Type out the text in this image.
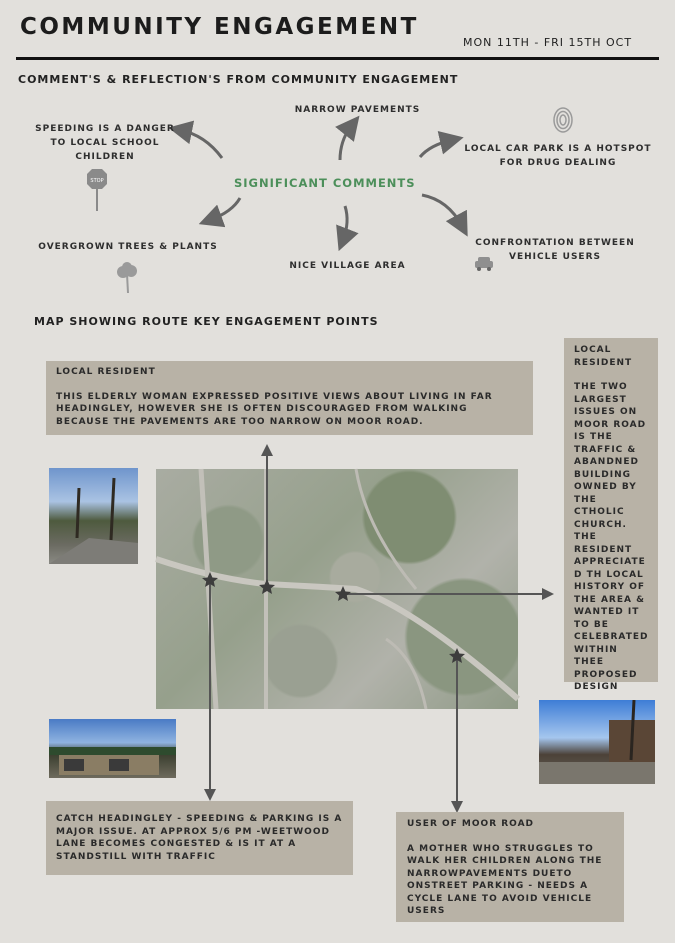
COMMUNITY ENGAGEMENT
MON 11TH - FRI 15TH OCT
COMMENT'S & REFLECTION'S FROM COMMUNITY ENGAGEMENT
SIGNIFICANT COMMENTS
SPEEDING IS A DANGER TO LOCAL SCHOOL CHILDREN
NARROW PAVEMENTS
LOCAL CAR PARK IS A HOTSPOT FOR DRUG DEALING
OVERGROWN TREES & PLANTS
NICE VILLAGE AREA
CONFRONTATION BETWEEN VEHICLE USERS
STOP
MAP SHOWING ROUTE KEY ENGAGEMENT POINTS
LOCAL RESIDENT
THIS ELDERLY WOMAN EXPRESSED POSITIVE VIEWS ABOUT LIVING IN FAR HEADINGLEY, HOWEVER SHE IS OFTEN DISCOURAGED FROM WALKING BECAUSE THE PAVEMENTS ARE TOO NARROW ON MOOR ROAD.
LOCAL RESIDENT
THE TWO LARGEST ISSUES ON MOOR ROAD IS THE TRAFFIC & ABANDNED BUILDING OWNED BY THE CTHOLIC CHURCH. THE RESIDENT APPRECIATE D TH LOCAL HISTORY OF THE AREA & WANTED IT TO BE CELEBRATED WITHIN THEE PROPOSED DESIGN
CATCH HEADINGLEY - SPEEDING & PARKING IS A MAJOR ISSUE. AT APPROX 5/6 PM -WEETWOOD LANE BECOMES CONGESTED & IS IT AT A STANDSTILL WITH TRAFFIC
USER OF MOOR ROAD
A MOTHER WHO STRUGGLES TO WALK HER CHILDREN ALONG THE NARROWPAVEMENTS DUETO ONSTREET PARKING - NEEDS A CYCLE LANE TO AVOID VEHICLE USERS
